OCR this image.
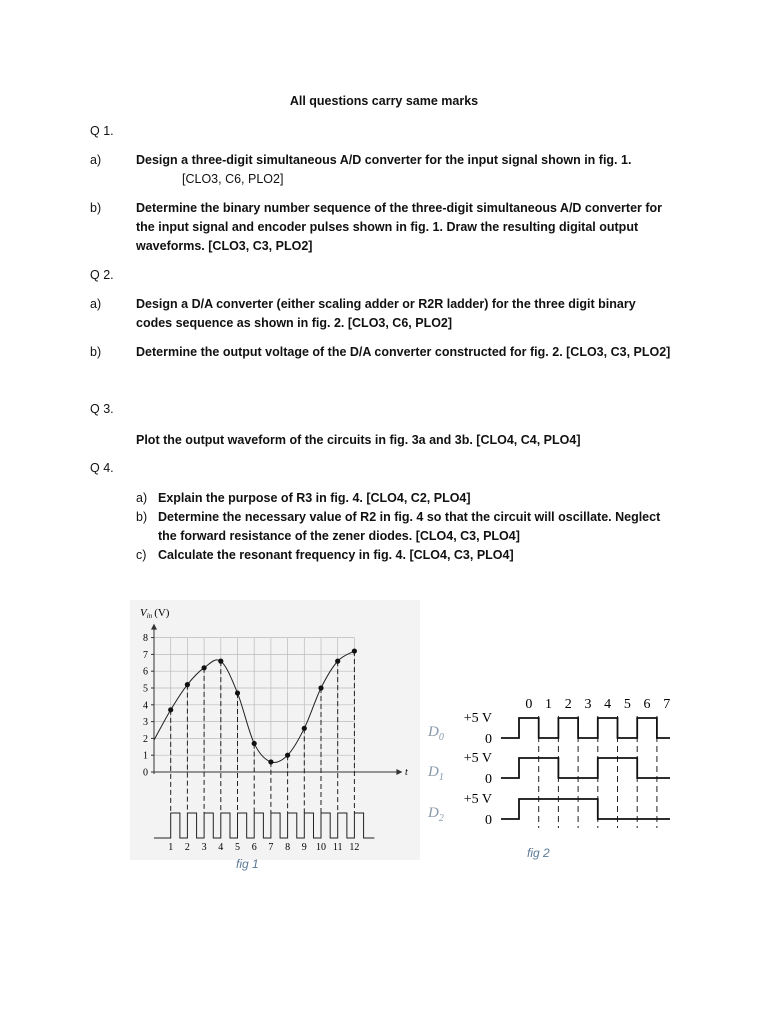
All questions carry same marks
Q 1.
a)	Design a three-digit simultaneous A/D converter for the input signal shown in fig. 1.
[CLO3, C6, PLO2]
b)	Determine the binary number sequence of the three-digit simultaneous A/D converter for the input signal and encoder pulses shown in fig. 1. Draw the resulting digital output waveforms. [CLO3, C3, PLO2]
Q 2.
a)	Design a D/A converter (either scaling adder or R2R ladder) for the three digit binary codes sequence as shown in fig. 2. [CLO3, C6, PLO2]
b)	Determine the output voltage of the D/A converter constructed for fig. 2. [CLO3, C3, PLO2]
Q 3.
Plot the output waveform of the circuits in fig. 3a and 3b. [CLO4, C4, PLO4]
Q 4.
a) Explain the purpose of R3 in fig. 4. [CLO4, C2, PLO4]
b) Determine the necessary value of R2 in fig. 4 so that the circuit will oscillate. Neglect the forward resistance of the zener diodes. [CLO4, C3, PLO4]
c) Calculate the resonant frequency in fig. 4. [CLO4, C3, PLO4]
Vin (V)
t
0
1
2
3
4
5
6
7
8
1 2 3 4 5 6 7 8 9 10 11 12
fig 1
0 1 2 3 4 5 6 7
$D_0$
+5 V
0
$D_1$
+5 V
0
$D_2$
+5 V
0
fig 2
